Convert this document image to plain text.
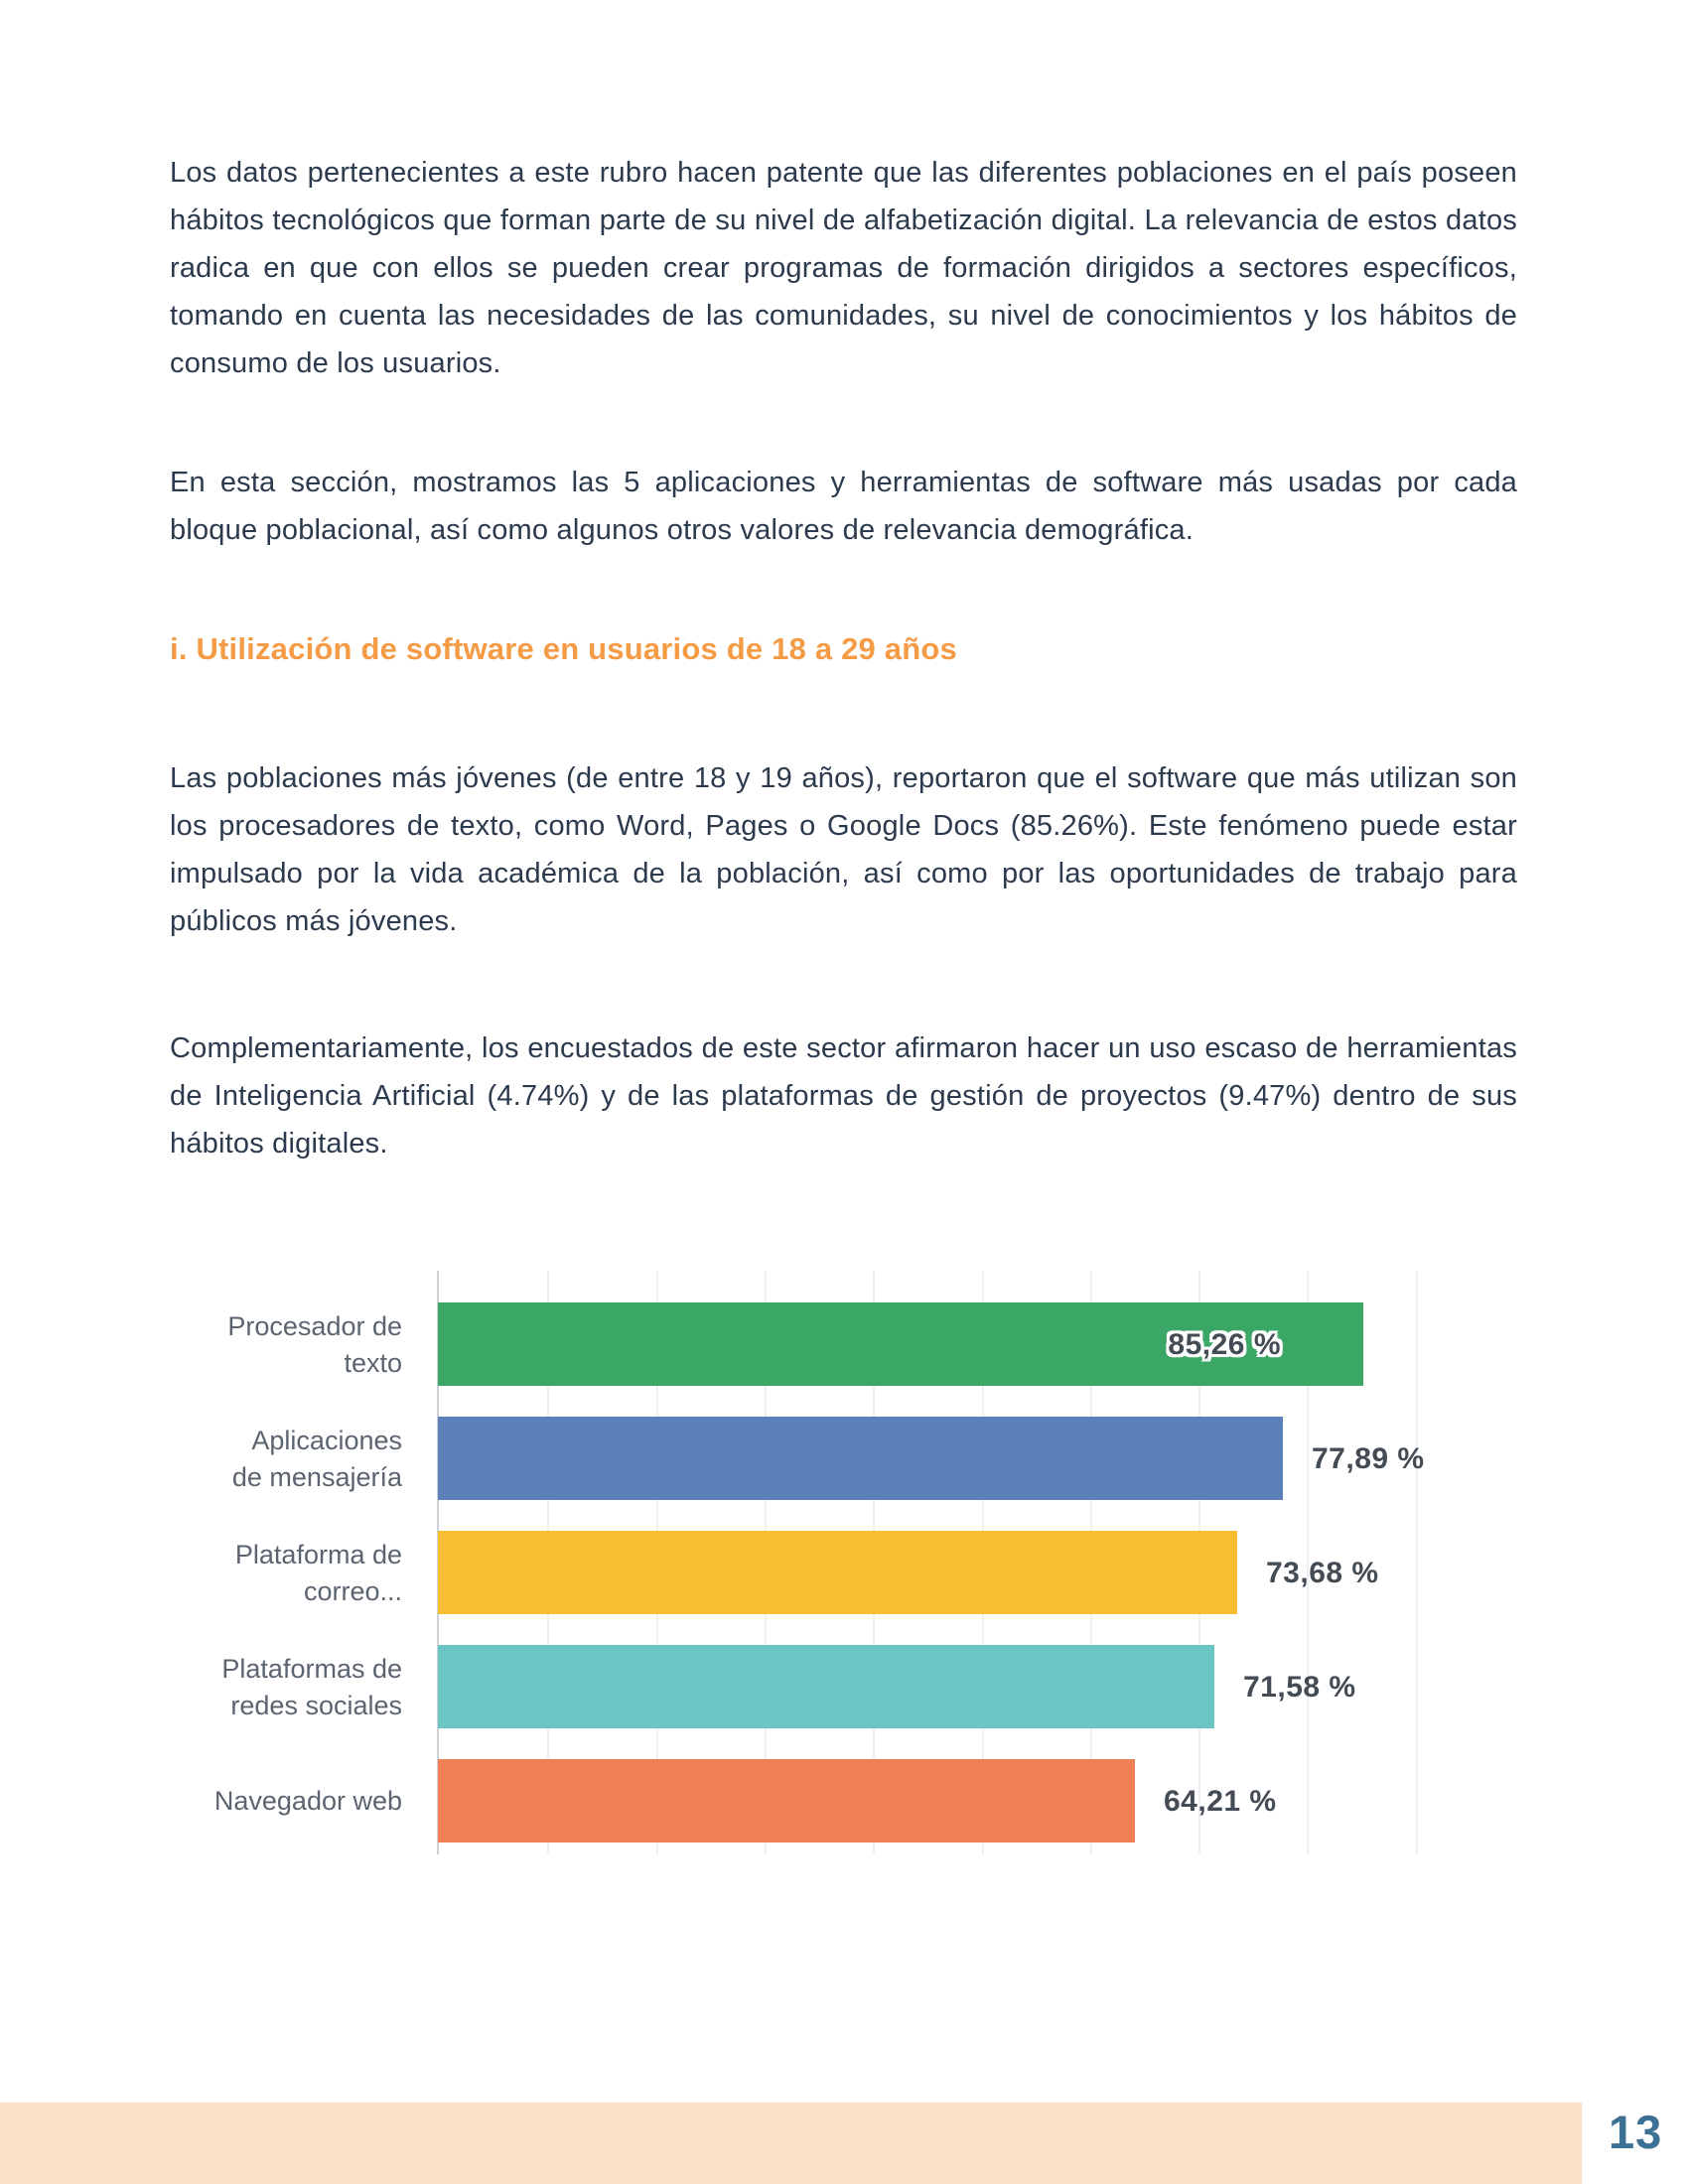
Los datos pertenecientes a este rubro hacen patente que las diferentes poblaciones en el país poseen hábitos tecnológicos que forman parte de su nivel de alfabetización digital. La relevancia de estos datos radica en que con ellos se pueden crear programas de formación dirigidos a sectores específicos, tomando en cuenta las necesidades de las comunidades, su nivel de conocimientos y los hábitos de consumo de los usuarios.

En esta sección, mostramos las 5 aplicaciones y herramientas de software más usadas por cada bloque poblacional, así como algunos otros valores de relevancia demográfica.

i. Utilización de software en usuarios de 18 a 29 años

Las poblaciones más jóvenes (de entre 18 y 19 años), reportaron que el software que más utilizan son los procesadores de texto, como Word, Pages o Google Docs (85.26%). Este fenómeno puede estar impulsado por la vida académica de la población, así como por las oportunidades de trabajo para públicos más jóvenes.

Complementariamente, los encuestados de este sector afirmaron hacer un uso escaso de herramientas de Inteligencia Artificial (4.74%) y de las plataformas de gestión de proyectos (9.47%) dentro de sus hábitos digitales.

Procesador de
texto
85,26 %
Aplicaciones
de mensajería
77,89 %
Plataforma de
correo...
73,68 %
Plataformas de
redes sociales
71,58 %
Navegador web	64,21 %
13
